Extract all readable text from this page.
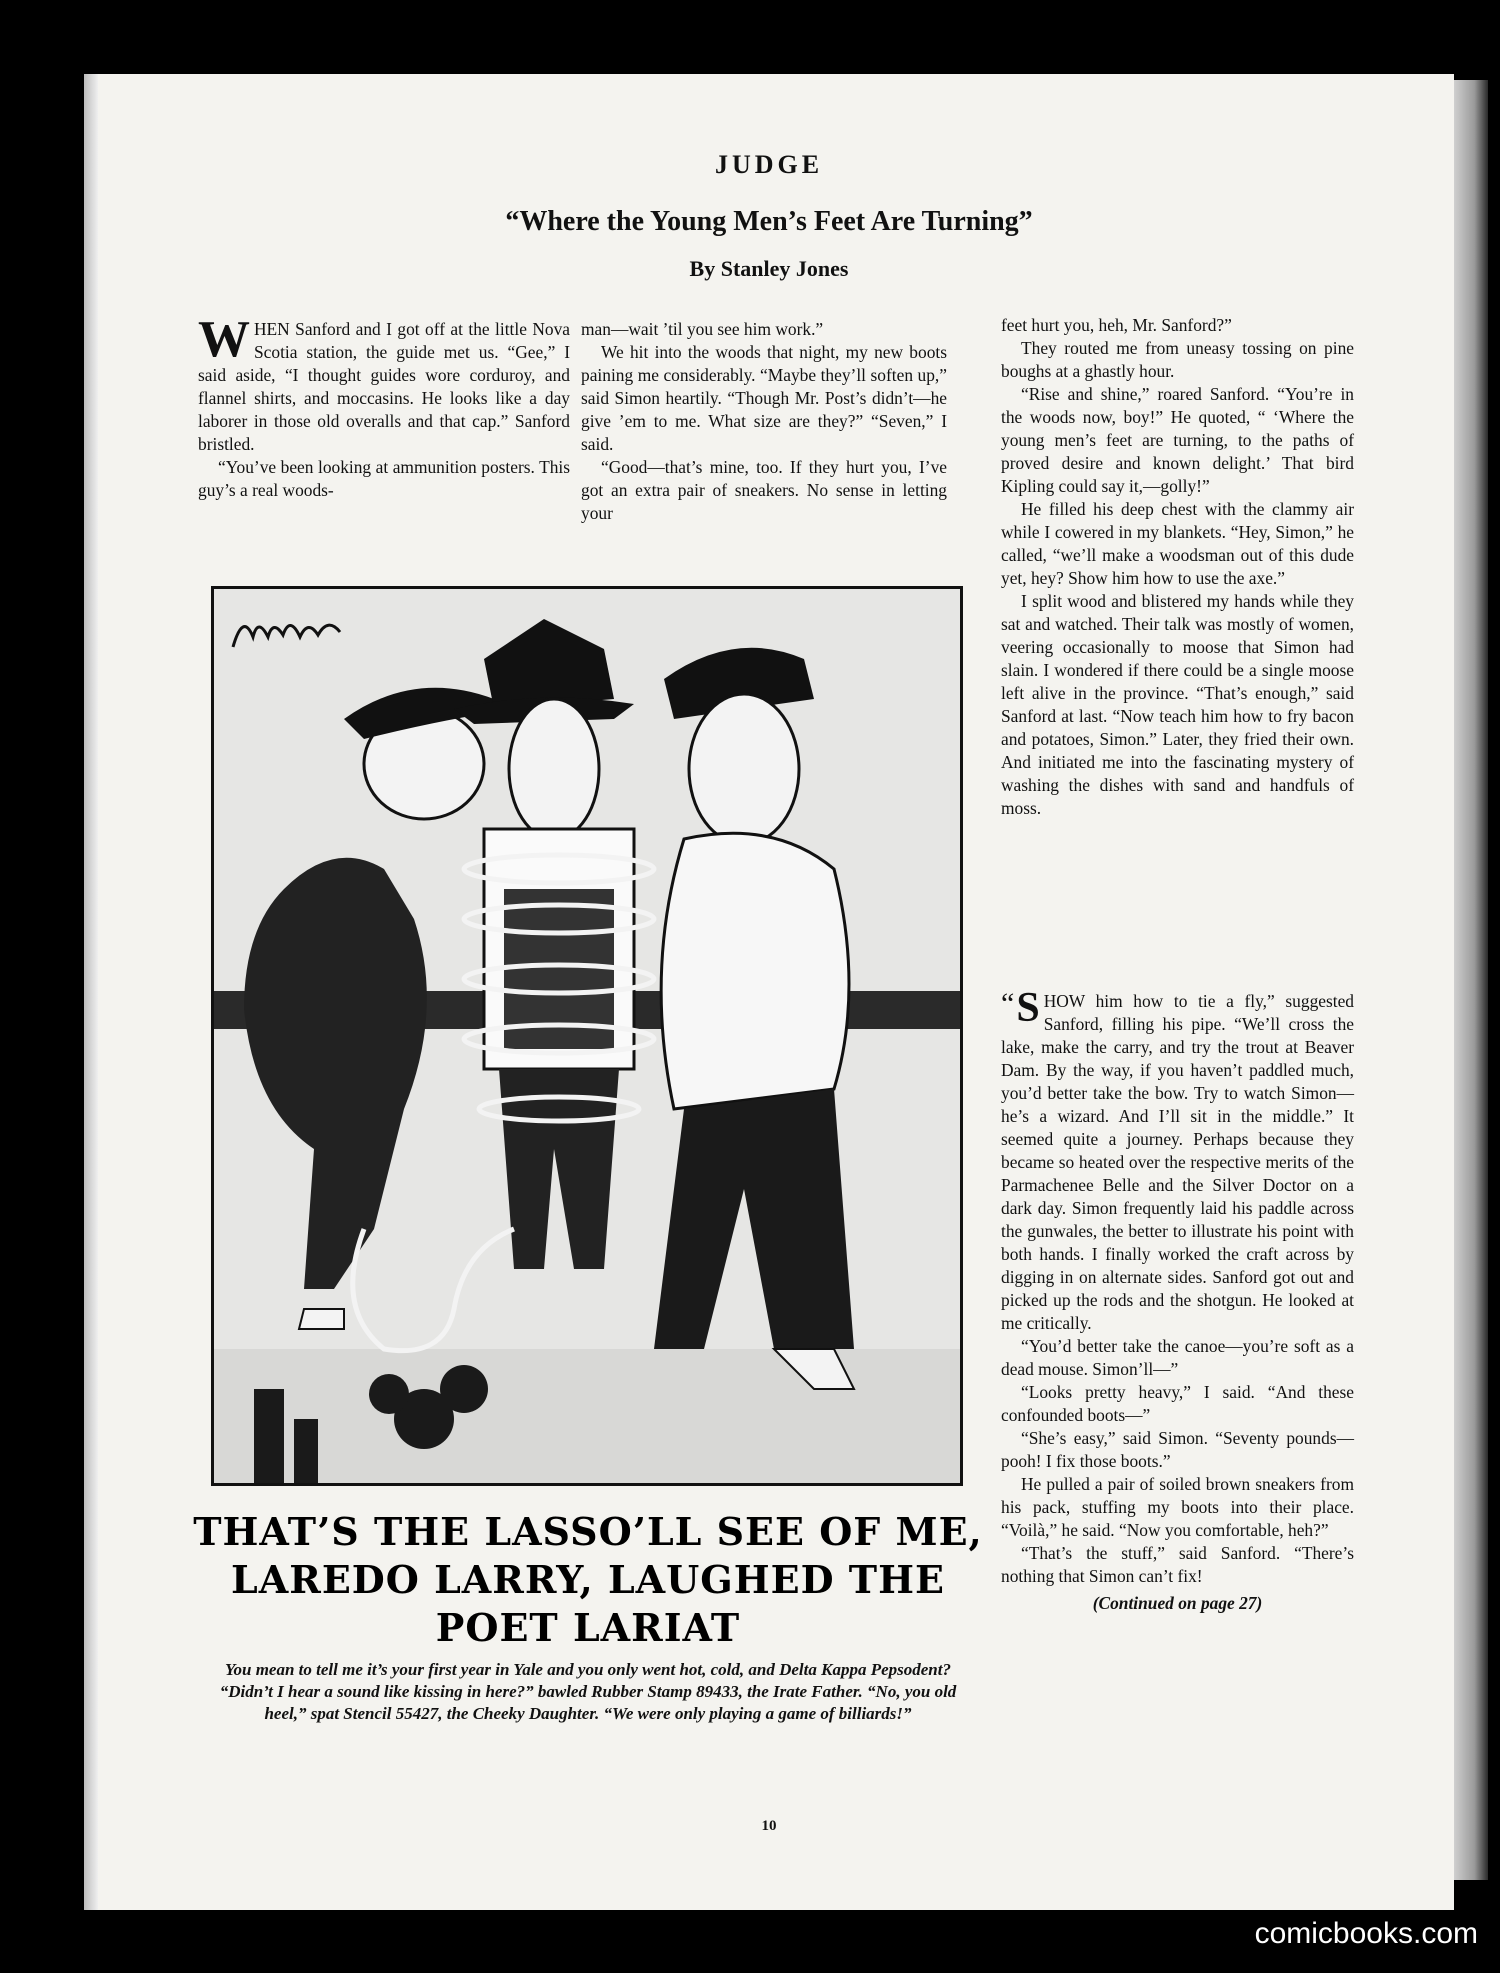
JUDGE
“Where the Young Men’s Feet Are Turning”
By Stanley Jones

WHEN Sanford and I got off at the little Nova Scotia station, the guide met us. “Gee,” I said aside, “I thought guides wore corduroy, and flannel shirts, and moccasins. He looks like a day laborer in those old overalls and that cap.” Sanford bristled.

“You’ve been looking at ammunition posters. This guy’s a real woods-

man—wait ’til you see him work.”

We hit into the woods that night, my new boots paining me considerably. “Maybe they’ll soften up,” said Simon heartily. “Though Mr. Post’s didn’t—he give ’em to me. What size are they?” “Seven,” I said.

“Good—that’s mine, too. If they hurt you, I’ve got an extra pair of sneakers. No sense in letting your

feet hurt you, heh, Mr. Sanford?”

They routed me from uneasy tossing on pine boughs at a ghastly hour.

“Rise and shine,” roared Sanford. “You’re in the woods now, boy!” He quoted, “ ‘Where the young men’s feet are turning, to the paths of proved desire and known delight.’ That bird Kipling could say it,—golly!”

He filled his deep chest with the clammy air while I cowered in my blankets. “Hey, Simon,” he called, “we’ll make a woodsman out of this dude yet, hey? Show him how to use the axe.”

I split wood and blistered my hands while they sat and watched. Their talk was mostly of women, veering occasionally to moose that Simon had slain. I wondered if there could be a single moose left alive in the province. “That’s enough,” said Sanford at last. “Now teach him how to fry bacon and potatoes, Simon.” Later, they fried their own. And initiated me into the fascinating mystery of washing the dishes with sand and handfuls of moss.

“ S HOW him how to tie a fly,” suggested Sanford, filling his pipe. “We’ll cross the lake, make the carry, and try the trout at Beaver Dam. By the way, if you haven’t paddled much, you’d better take the bow. Try to watch Simon—he’s a wizard. And I’ll sit in the middle.” It seemed quite a journey. Perhaps because they became so heated over the respective merits of the Parmachenee Belle and the Silver Doctor on a dark day. Simon frequently laid his paddle across the gunwales, the better to illustrate his point with both hands. I finally worked the craft across by digging in on alternate sides. Sanford got out and picked up the rods and the shotgun. He looked at me critically.

“You’d better take the canoe—you’re soft as a dead mouse. Simon’ll—”

“Looks pretty heavy,” I said. “And these confounded boots—”

“She’s easy,” said Simon. “Seventy pounds—pooh! I fix those boots.”

He pulled a pair of soiled brown sneakers from his pack, stuffing my boots into their place. “Voilà,” he said. “Now you comfortable, heh?”

“That’s the stuff,” said Sanford. “There’s nothing that Simon can’t fix!

(Continued on page 27)

THAT’S THE LASSO’LL SEE OF ME, LAREDO LARRY, LAUGHED THE POET LARIAT
You mean to tell me it’s your first year in Yale and you only went hot, cold, and Delta Kappa Pepsodent? “Didn’t I hear a sound like kissing in here?” bawled Rubber Stamp 89433, the Irate Father. “No, you old heel,” spat Stencil 55427, the Cheeky Daughter. “We were only playing a game of billiards!”
10
comicbooks.com
